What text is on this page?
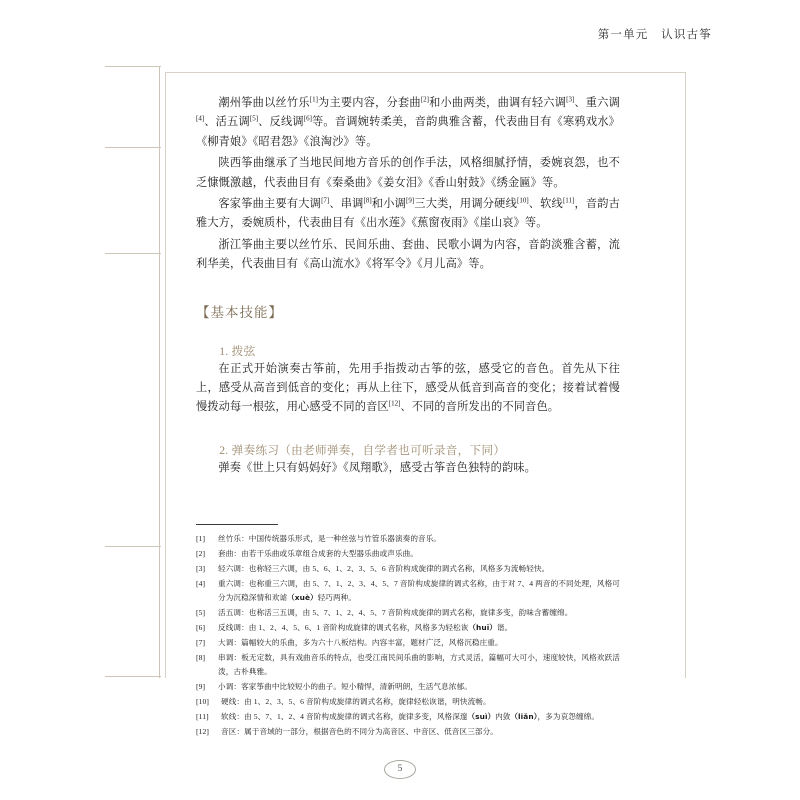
第一单元　认识古筝

潮州筝曲以丝竹乐[1]为主要内容，分套曲[2]和小曲两类，曲调有轻六调[3]、重六调[4]、活五调[5]、反线调[6]等。音调婉转柔美，音韵典雅含蓄，代表曲目有《寒鸦戏水》《柳青娘》《昭君怨》《浪淘沙》等。

陕西筝曲继承了当地民间地方音乐的创作手法，风格细腻抒情，委婉哀怨，也不乏慷慨激越，代表曲目有《秦桑曲》《姜女泪》《香山射鼓》《绣金匾》等。

客家筝曲主要有大调[7]、串调[8]和小调[9]三大类，用调分硬线[10]、软线[11]，音韵古雅大方，委婉质朴，代表曲目有《出水莲》《蕉窗夜雨》《崖山哀》等。

浙江筝曲主要以丝竹乐、民间乐曲、套曲、民歌小调为内容，音韵淡雅含蓄，流利华美，代表曲目有《高山流水》《将军令》《月儿高》等。

【基本技能】
1. 拨弦

在正式开始演奏古筝前，先用手指拨动古筝的弦，感受它的音色。首先从下往上，感受从高音到低音的变化；再从上往下，感受从低音到高音的变化；接着试着慢慢拨动每一根弦，用心感受不同的音区[12]、不同的音所发出的不同音色。

2. 弹奏练习（由老师弹奏，自学者也可听录音，下同）

弹奏《世上只有妈妈好》《凤翔歌》，感受古筝音色独特的韵味。

[1]	丝竹乐：中国传统器乐形式，是一种丝弦与竹管乐器演奏的音乐。
[2]	套曲：由若干乐曲或乐章组合成套的大型器乐曲或声乐曲。
[3]	轻六调：也称轻三六调，由 5、6、1、2、3、5、6 音阶构成旋律的调式名称，风格多为流畅轻快。
[4]	重六调：也称重三六调，由 5、7、1、2、3、4、5、7 音阶构成旋律的调式名称，由于对 7、4 两音的不同处理，风格可分为沉稳深情和欢谑（xuè）轻巧两种。
[5]	活五调：也称活三五调，由 5、7、1、2、4、5、7 音阶构成旋律的调式名称，旋律多变，韵味含蓄缠绵。
[6]	反线调：由 1、2、4、5、6、1 音阶构成旋律的调式名称，风格多为轻松诙（huī）谐。
[7]	大调：篇幅较大的乐曲，多为六十八板结构。内容丰富，题材广泛，风格沉稳庄重。
[8]	串调：板无定数，具有戏曲音乐的特点，也受江南民间乐曲的影响，方式灵活，篇幅可大可小，速度较快，风格欢跃活泼，古朴典雅。
[9]	小调：客家筝曲中比较短小的曲子。短小精悍，清新明朗，生活气息浓郁。
[10]	硬线：由 1、2、3、5、6 音阶构成旋律的调式名称，旋律轻松诙谐，明快流畅。
[11]	软线：由 5、7、1、2、4 音阶构成旋律的调式名称，旋律多变，风格深邃（suì）内敛（liǎn），多为哀怨缠绵。
[12]	音区：属于音域的一部分，根据音色的不同分为高音区、中音区、低音区三部分。
5
